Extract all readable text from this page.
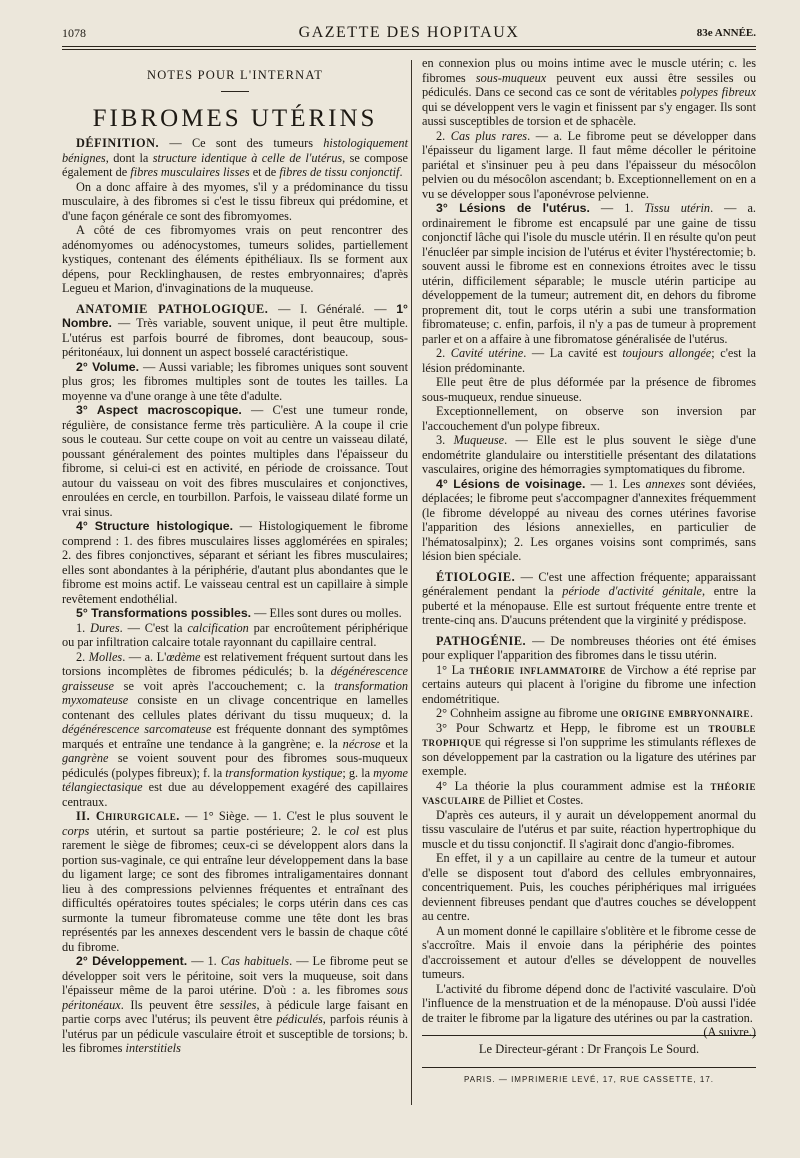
1078	GAZETTE DES HOPITAUX	83e ANNÉE.
NOTES POUR L'INTERNAT
FIBROMES UTÉRINS

DÉFINITION. — Ce sont des tumeurs histologiquement bénignes, dont la structure identique à celle de l'utérus, se compose également de fibres musculaires lisses et de fibres de tissu conjonctif.

On a donc affaire à des myomes, s'il y a prédominance du tissu musculaire, à des fibromes si c'est le tissu fibreux qui prédomine, et d'une façon générale ce sont des fibromyomes.

A côté de ces fibromyomes vrais on peut rencontrer des adénomyomes ou adénocystomes, tumeurs solides, partiellement kystiques, contenant des éléments épithéliaux. Ils se forment aux dépens, pour Recklinghausen, de restes embryonnaires; d'après Legueu et Marion, d'invaginations de la muqueuse.

ANATOMIE PATHOLOGIQUE. — I. Généralé. — 1° Nombre. — Très variable, souvent unique, il peut être multiple. L'utérus est parfois bourré de fibromes, dont beaucoup, sous-péritonéaux, lui donnent un aspect bosselé caractéristique.

2° Volume. — Aussi variable; les fibromes uniques sont souvent plus gros; les fibromes multiples sont de toutes les tailles. La moyenne va d'une orange à une tête d'adulte.

3° Aspect macroscopique. — C'est une tumeur ronde, régulière, de consistance ferme très particulière. A la coupe il crie sous le couteau. Sur cette coupe on voit au centre un vaisseau dilaté, poussant généralement des pointes multiples dans l'épaisseur du fibrome, si celui-ci est en activité, en période de croissance. Tout autour du vaisseau on voit des fibres musculaires et conjonctives, enroulées en cercle, en tourbillon. Parfois, le vaisseau dilaté forme un vrai sinus.

4° Structure histologique. — Histologiquement le fibrome comprend : 1. des fibres musculaires lisses agglomérées en spirales; 2. des fibres conjonctives, séparant et sériant les fibres musculaires; elles sont abondantes à la périphérie, d'autant plus abondantes que le fibrome est moins actif. Le vaisseau central est un capillaire à simple revêtement endothélial.

5° Transformations possibles. — Elles sont dures ou molles.

1. Dures. — C'est la calcification par encroûtement périphérique ou par infiltration calcaire totale rayonnant du capillaire central.

2. Molles. — a. L'œdème est relativement fréquent surtout dans les torsions incomplètes de fibromes pédiculés; b. la dégénérescence graisseuse se voit après l'accouchement; c. la transformation myxomateuse consiste en un clivage concentrique en lamelles contenant des cellules plates dérivant du tissu muqueux; d. la dégénérescence sarcomateuse est fréquente donnant des symptômes marqués et entraîne une tendance à la gangrène; e. la nécrose et la gangrène se voient souvent pour des fibromes sous-muqueux pédiculés (polypes fibreux); f. la transformation kystique; g. la myome télangiectasique est due au développement exagéré des capillaires centraux.

II. Chirurgicale. — 1° Siège. — 1. C'est le plus souvent le corps utérin, et surtout sa partie postérieure; 2. le col est plus rarement le siège de fibromes; ceux-ci se développent alors dans la portion sus-vaginale, ce qui entraîne leur développement dans la base du ligament large; ce sont des fibromes intraligamentaires donnant lieu à des compressions pelviennes fréquentes et entraînant des difficultés opératoires toutes spéciales; le corps utérin dans ces cas surmonte la tumeur fibromateuse comme une tête dont les bras représentés par les annexes descendent vers le bassin de chaque côté du fibrome.

2° Développement. — 1. Cas habituels. — Le fibrome peut se développer soit vers le péritoine, soit vers la muqueuse, soit dans l'épaisseur même de la paroi utérine. D'où : a. les fibromes sous péritonéaux. Ils peuvent être sessiles, à pédicule large faisant en partie corps avec l'utérus; ils peuvent être pédiculés, parfois réunis à l'utérus par un pédicule vasculaire étroit et susceptible de torsions; b. les fibromes interstitiels

en connexion plus ou moins intime avec le muscle utérin; c. les fibromes sous-muqueux peuvent eux aussi être sessiles ou pédiculés. Dans ce second cas ce sont de véritables polypes fibreux qui se développent vers le vagin et finissent par s'y engager. Ils sont aussi susceptibles de torsion et de sphacèle.

2. Cas plus rares. — a. Le fibrome peut se développer dans l'épaisseur du ligament large. Il faut même décoller le péritoine pariétal et s'insinuer peu à peu dans l'épaisseur du mésocôlon pelvien ou du mésocôlon ascendant; b. Exceptionnellement on en a vu se développer sous l'aponévrose pelvienne.

3° Lésions de l'utérus. — 1. Tissu utérin. — a. ordinairement le fibrome est encapsulé par une gaine de tissu conjonctif lâche qui l'isole du muscle utérin. Il en résulte qu'on peut l'énucléer par simple incision de l'utérus et éviter l'hystérectomie; b. souvent aussi le fibrome est en connexions étroites avec le tissu utérin, difficilement séparable; le muscle utérin participe au développement de la tumeur; autrement dit, en dehors du fibrome proprement dit, tout le corps utérin a subi une transformation fibromateuse; c. enfin, parfois, il n'y a pas de tumeur à proprement parler et on a affaire à une fibromatose généralisée de l'utérus.

2. Cavité utérine. — La cavité est toujours allongée; c'est la lésion prédominante.

Elle peut être de plus déformée par la présence de fibromes sous-muqueux, rendue sinueuse.

Exceptionnellement, on observe son inversion par l'accouchement d'un polype fibreux.

3. Muqueuse. — Elle est le plus souvent le siège d'une endométrite glandulaire ou interstitielle présentant des dilatations vasculaires, origine des hémorragies symptomatiques du fibrome.

4° Lésions de voisinage. — 1. Les annexes sont déviées, déplacées; le fibrome peut s'accompagner d'annexites fréquemment (le fibrome développé au niveau des cornes utérines favorise l'apparition des lésions annexielles, en particulier de l'hématosalpinx); 2. Les organes voisins sont comprimés, sans lésion bien spéciale.

ÉTIOLOGIE. — C'est une affection fréquente; apparaissant généralement pendant la période d'activité génitale, entre la puberté et la ménopause. Elle est surtout fréquente entre trente et trente-cinq ans. D'aucuns prétendent que la virginité y prédispose.

PATHOGÉNIE. — De nombreuses théories ont été émises pour expliquer l'apparition des fibromes dans le tissu utérin.

1° La théorie inflammatoire de Virchow a été reprise par certains auteurs qui placent à l'origine du fibrome une infection endométritique.

2° Cohnheim assigne au fibrome une origine embryonnaire.

3° Pour Schwartz et Hepp, le fibrome est un trouble trophique qui régresse si l'on supprime les stimulants réflexes de son développement par la castration ou la ligature des utérines par exemple.

4° La théorie la plus couramment admise est la théorie vasculaire de Pilliet et Costes.

D'après ces auteurs, il y aurait un développement anormal du tissu vasculaire de l'utérus et par suite, réaction hypertrophique du muscle et du tissu conjonctif. Il s'agirait donc d'angio-fibromes.

En effet, il y a un capillaire au centre de la tumeur et autour d'elle se disposent tout d'abord des cellules embryonnaires, concentriquement. Puis, les couches périphériques mal irriguées deviennent fibreuses pendant que d'autres couches se développent au centre.

A un moment donné le capillaire s'oblitère et le fibrome cesse de s'accroître. Mais il envoie dans la périphérie des pointes d'accroissement et autour d'elles se développent de nouvelles tumeurs.

L'activité du fibrome dépend donc de l'activité vasculaire. D'où l'influence de la menstruation et de la ménopause. D'où aussi l'idée de traiter le fibrome par la ligature des utérines ou par la castration.
(A suivre.)

Le Directeur-gérant : Dr François Le Sourd.
PARIS. — IMPRIMERIE LEVÉ, 17, RUE CASSETTE, 17.
